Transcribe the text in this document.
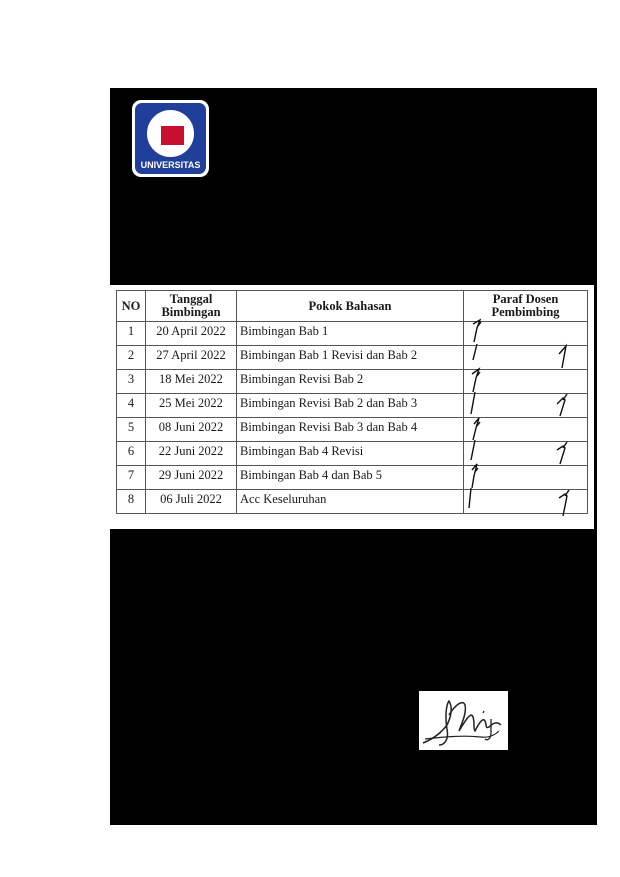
UNIVERSITAS
NO	Tanggal Bimbingan	Pokok Bahasan	Paraf Dosen Pembimbing
1	20 April 2022	Bimbingan Bab 1	

2	27 April 2022	Bimbingan Bab 1 Revisi dan Bab 2	

3	18 Mei 2022	Bimbingan Revisi Bab 2	

4	25 Mei 2022	Bimbingan Revisi Bab 2 dan Bab 3	

5	08 Juni 2022	Bimbingan Revisi Bab 3 dan Bab 4	

6	22 Juni 2022	Bimbingan Bab 4 Revisi	

7	29 Juni 2022	Bimbingan Bab 4 dan Bab 5	

8	06 Juli 2022	Acc Keseluruhan	
